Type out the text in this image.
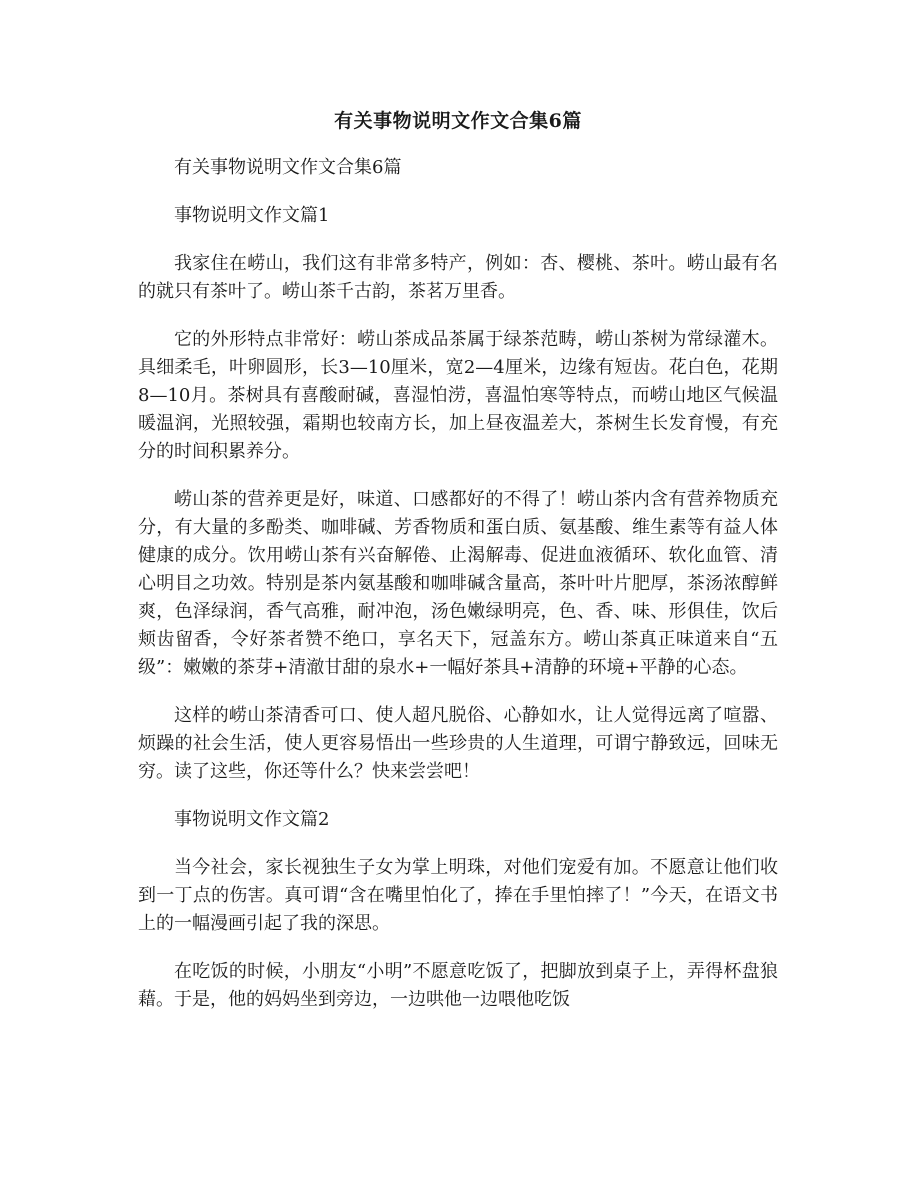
有关事物说明文作文合集6篇
有关事物说明文作文合集6篇
事物说明文作文篇1

我家住在崂山，我们这有非常多特产，例如：杏、樱桃、茶叶。崂山最有名的就只有茶叶了。崂山茶千古韵，茶茗万里香。

它的外形特点非常好：崂山茶成品茶属于绿茶范畴，崂山茶树为常绿灌木。具细柔毛，叶卵圆形，长3—10厘米，宽2—4厘米，边缘有短齿。花白色，花期8—10月。茶树具有喜酸耐碱，喜湿怕涝，喜温怕寒等特点，而崂山地区气候温暖温润，光照较强，霜期也较南方长，加上昼夜温差大，茶树生长发育慢，有充分的时间积累养分。

崂山茶的营养更是好，味道、口感都好的不得了！崂山茶内含有营养物质充分，有大量的多酚类、咖啡碱、芳香物质和蛋白质、氨基酸、维生素等有益人体健康的成分。饮用崂山茶有兴奋解倦、止渴解毒、促进血液循环、软化血管、清心明目之功效。特别是茶内氨基酸和咖啡碱含量高，茶叶叶片肥厚，茶汤浓醇鲜爽，色泽绿润，香气高雅，耐冲泡，汤色嫩绿明亮，色、香、味、形俱佳，饮后颊齿留香，令好茶者赞不绝口，享名天下，冠盖东方。崂山茶真正味道来自“五级”：嫩嫩的茶芽+清澈甘甜的泉水+一幅好茶具+清静的环境+平静的心态。

这样的崂山茶清香可口、使人超凡脱俗、心静如水，让人觉得远离了喧嚣、烦躁的社会生活，使人更容易悟出一些珍贵的人生道理，可谓宁静致远，回味无穷。读了这些，你还等什么？快来尝尝吧！

事物说明文作文篇2

当今社会，家长视独生子女为掌上明珠，对他们宠爱有加。不愿意让他们收到一丁点的伤害。真可谓“含在嘴里怕化了，捧在手里怕摔了！”今天，在语文书上的一幅漫画引起了我的深思。

在吃饭的时候，小朋友“小明”不愿意吃饭了，把脚放到桌子上，弄得杯盘狼藉。于是，他的妈妈坐到旁边，一边哄他一边喂他吃饭
